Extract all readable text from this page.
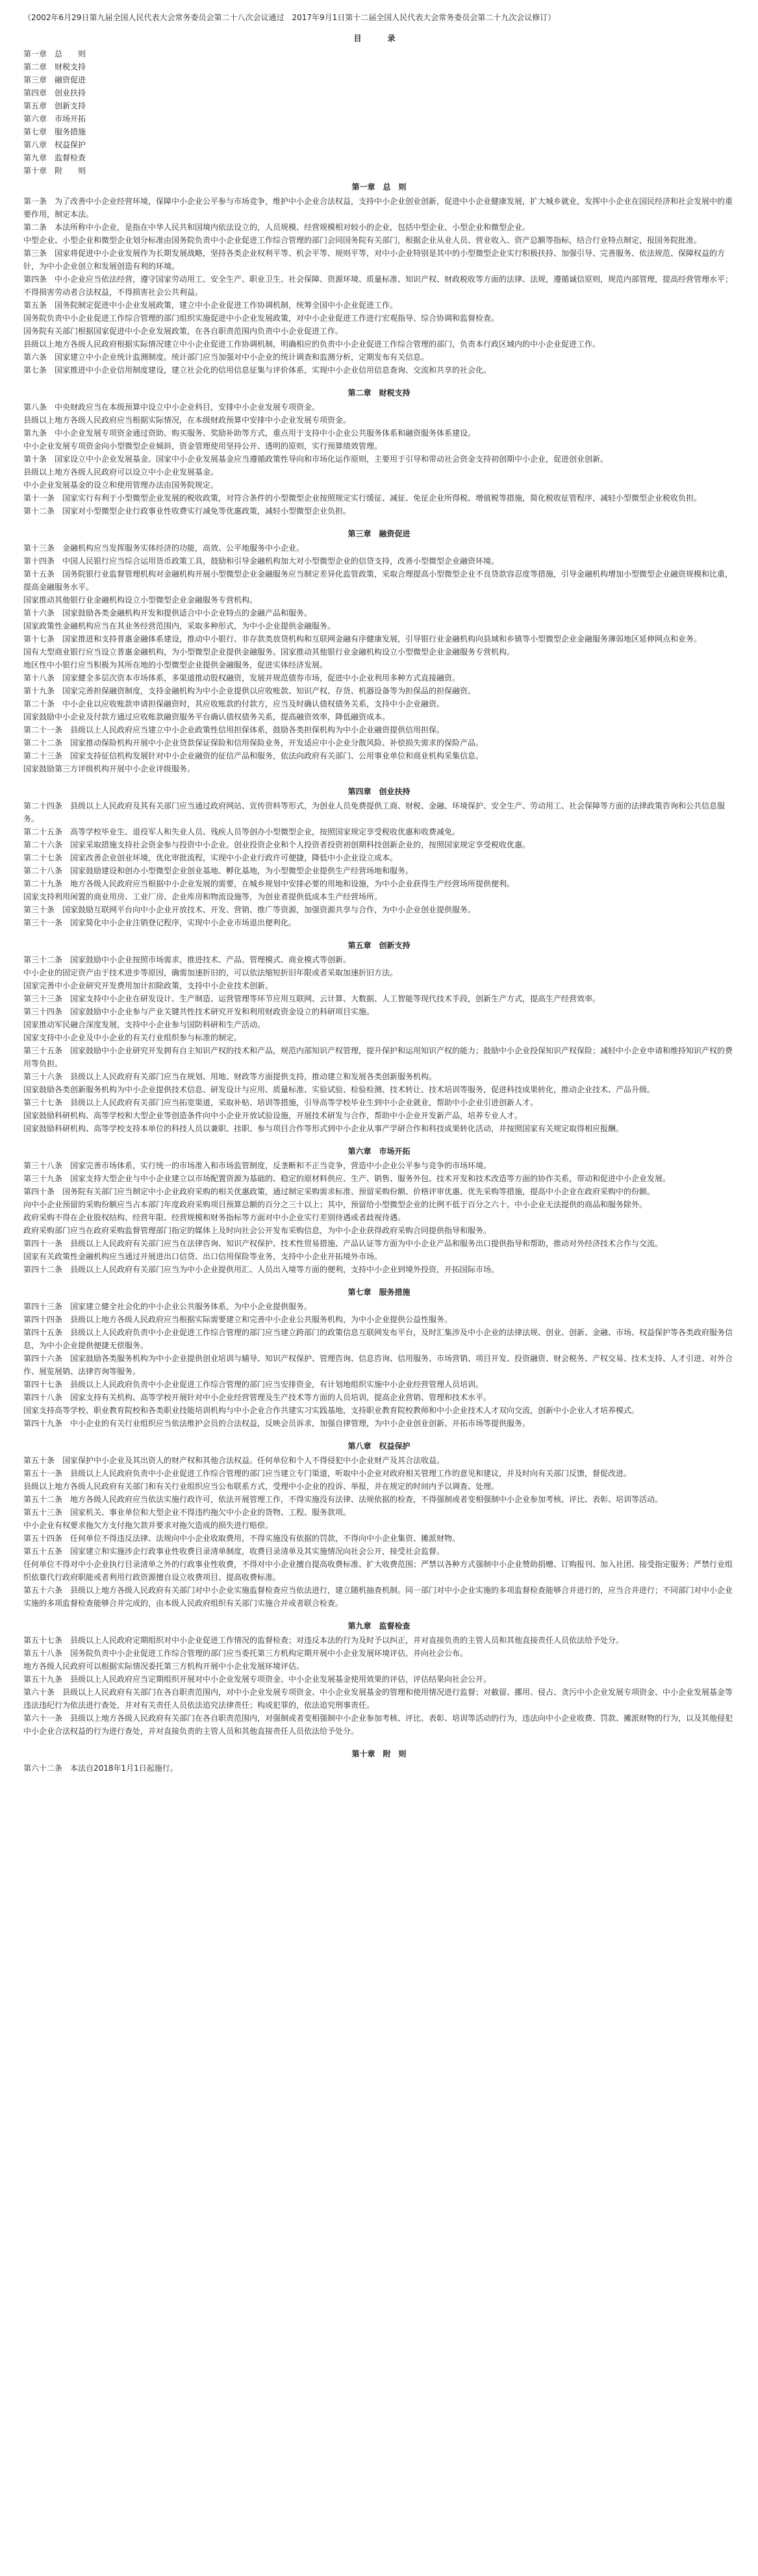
（2002年6月29日第九届全国人民代表大会常务委员会第二十八次会议通过　2017年9月1日第十二届全国人民代表大会常务委员会第二十九次会议修订）
目　录
第一章　总　　则
第二章　财税支持
第三章　融资促进
第四章　创业扶持
第五章　创新支持
第六章　市场开拓
第七章　服务措施
第八章　权益保护
第九章　监督检查
第十章　附　　则
第一章　总　则

第一条　为了改善中小企业经营环境，保障中小企业公平参与市场竞争，维护中小企业合法权益，支持中小企业创业创新，促进中小企业健康发展，扩大城乡就业，发挥中小企业在国民经济和社会发展中的重要作用，制定本法。

第二条　本法所称中小企业，是指在中华人民共和国境内依法设立的，人员规模、经营规模相对较小的企业，包括中型企业、小型企业和微型企业。

中型企业、小型企业和微型企业划分标准由国务院负责中小企业促进工作综合管理的部门会同国务院有关部门，根据企业从业人员、营业收入、资产总额等指标，结合行业特点制定，报国务院批准。

第三条　国家将促进中小企业发展作为长期发展战略，坚持各类企业权利平等、机会平等、规则平等，对中小企业特别是其中的小型微型企业实行积极扶持、加强引导、完善服务、依法规范、保障权益的方针，为中小企业创立和发展创造有利的环境。

第四条　中小企业应当依法经营，遵守国家劳动用工、安全生产、职业卫生、社会保障、资源环境、质量标准、知识产权、财政税收等方面的法律、法规，遵循诚信原则，规范内部管理，提高经营管理水平；不得损害劳动者合法权益，不得损害社会公共利益。

第五条　国务院制定促进中小企业发展政策，建立中小企业促进工作协调机制，统筹全国中小企业促进工作。

国务院负责中小企业促进工作综合管理的部门组织实施促进中小企业发展政策，对中小企业促进工作进行宏观指导、综合协调和监督检查。

国务院有关部门根据国家促进中小企业发展政策，在各自职责范围内负责中小企业促进工作。

县级以上地方各级人民政府根据实际情况建立中小企业促进工作协调机制，明确相应的负责中小企业促进工作综合管理的部门，负责本行政区域内的中小企业促进工作。

第六条　国家建立中小企业统计监测制度。统计部门应当加强对中小企业的统计调查和监测分析，定期发布有关信息。

第七条　国家推进中小企业信用制度建设，建立社会化的信用信息征集与评价体系，实现中小企业信用信息查询、交流和共享的社会化。

第二章　财税支持

第八条　中央财政应当在本级预算中设立中小企业科目，安排中小企业发展专项资金。

县级以上地方各级人民政府应当根据实际情况，在本级财政预算中安排中小企业发展专项资金。

第九条　中小企业发展专项资金通过资助、购买服务、奖励补助等方式，重点用于支持中小企业公共服务体系和融资服务体系建设。

中小企业发展专项资金向小型微型企业倾斜，资金管理使用坚持公开、透明的原则，实行预算绩效管理。

第十条　国家设立中小企业发展基金。国家中小企业发展基金应当遵循政策性导向和市场化运作原则，主要用于引导和带动社会资金支持初创期中小企业，促进创业创新。

县级以上地方各级人民政府可以设立中小企业发展基金。

中小企业发展基金的设立和使用管理办法由国务院规定。

第十一条　国家实行有利于小型微型企业发展的税收政策，对符合条件的小型微型企业按照规定实行缓征、减征、免征企业所得税、增值税等措施，简化税收征管程序，减轻小型微型企业税收负担。

第十二条　国家对小型微型企业行政事业性收费实行减免等优惠政策，减轻小型微型企业负担。

第三章　融资促进

第十三条　金融机构应当发挥服务实体经济的功能，高效、公平地服务中小企业。

第十四条　中国人民银行应当综合运用货币政策工具，鼓励和引导金融机构加大对小型微型企业的信贷支持，改善小型微型企业融资环境。

第十五条　国务院银行业监督管理机构对金融机构开展小型微型企业金融服务应当制定差异化监管政策，采取合理提高小型微型企业不良贷款容忍度等措施，引导金融机构增加小型微型企业融资规模和比重，提高金融服务水平。

国家推动其他银行业金融机构设立小型微型企业金融服务专营机构。

第十六条　国家鼓励各类金融机构开发和提供适合中小企业特点的金融产品和服务。

国家政策性金融机构应当在其业务经营范围内，采取多种形式，为中小企业提供金融服务。

第十七条　国家推进和支持普惠金融体系建设，推动中小银行、非存款类放贷机构和互联网金融有序健康发展，引导银行业金融机构向县域和乡镇等小型微型企业金融服务薄弱地区延伸网点和业务。

国有大型商业银行应当设立普惠金融机构，为小型微型企业提供金融服务。国家推动其他银行业金融机构设立小型微型企业金融服务专营机构。

地区性中小银行应当积极为其所在地的小型微型企业提供金融服务，促进实体经济发展。

第十八条　国家健全多层次资本市场体系，多渠道推动股权融资，发展并规范债券市场，促进中小企业利用多种方式直接融资。

第十九条　国家完善担保融资制度，支持金融机构为中小企业提供以应收账款、知识产权、存货、机器设备等为担保品的担保融资。

第二十条　中小企业以应收账款申请担保融资时，其应收账款的付款方，应当及时确认债权债务关系，支持中小企业融资。

国家鼓励中小企业及付款方通过应收账款融资服务平台确认债权债务关系，提高融资效率，降低融资成本。

第二十一条　县级以上人民政府应当建立中小企业政策性信用担保体系，鼓励各类担保机构为中小企业融资提供信用担保。

第二十二条　国家推动保险机构开展中小企业贷款保证保险和信用保险业务，开发适应中小企业分散风险、补偿损失需求的保险产品。

第二十三条　国家支持征信机构发展针对中小企业融资的征信产品和服务，依法向政府有关部门、公用事业单位和商业机构采集信息。

国家鼓励第三方评级机构开展中小企业评级服务。

第四章　创业扶持

第二十四条　县级以上人民政府及其有关部门应当通过政府网站、宣传资料等形式，为创业人员免费提供工商、财税、金融、环境保护、安全生产、劳动用工、社会保障等方面的法律政策咨询和公共信息服务。

第二十五条　高等学校毕业生、退役军人和失业人员、残疾人员等创办小型微型企业，按照国家规定享受税收优惠和收费减免。

第二十六条　国家采取措施支持社会资金参与投资中小企业。创业投资企业和个人投资者投资初创期科技创新企业的，按照国家规定享受税收优惠。

第二十七条　国家改善企业创业环境，优化审批流程，实现中小企业行政许可便捷，降低中小企业设立成本。

第二十八条　国家鼓励建设和创办小型微型企业创业基地、孵化基地，为小型微型企业提供生产经营场地和服务。

第二十九条　地方各级人民政府应当根据中小企业发展的需要，在城乡规划中安排必要的用地和设施，为中小企业获得生产经营场所提供便利。

国家支持利用闲置的商业用房、工业厂房、企业库房和物流设施等，为创业者提供低成本生产经营场所。

第三十条　国家鼓励互联网平台向中小企业开放技术、开发、营销、推广等资源，加强资源共享与合作，为中小企业创业提供服务。

第三十一条　国家简化中小企业注销登记程序，实现中小企业市场退出便利化。

第五章　创新支持

第三十二条　国家鼓励中小企业按照市场需求，推进技术、产品、管理模式、商业模式等创新。

中小企业的固定资产由于技术进步等原因，确需加速折旧的，可以依法缩短折旧年限或者采取加速折旧方法。

国家完善中小企业研究开发费用加计扣除政策，支持中小企业技术创新。

第三十三条　国家支持中小企业在研发设计、生产制造、运营管理等环节应用互联网、云计算、大数据、人工智能等现代技术手段，创新生产方式，提高生产经营效率。

第三十四条　国家鼓励中小企业参与产业关键共性技术研究开发和利用财政资金设立的科研项目实施。

国家推动军民融合深度发展，支持中小企业参与国防科研和生产活动。

国家支持中小企业及中小企业的有关行业组织参与标准的制定。

第三十五条　国家鼓励中小企业研究开发拥有自主知识产权的技术和产品，规范内部知识产权管理，提升保护和运用知识产权的能力；鼓励中小企业投保知识产权保险；减轻中小企业申请和维持知识产权的费用等负担。

第三十六条　县级以上人民政府有关部门应当在规划、用地、财政等方面提供支持，推动建立和发展各类创新服务机构。

国家鼓励各类创新服务机构为中小企业提供技术信息、研发设计与应用、质量标准、实验试验、检验检测、技术转让、技术培训等服务，促进科技成果转化，推动企业技术、产品升级。

第三十七条　县级以上人民政府有关部门应当拓宽渠道，采取补贴、培训等措施，引导高等学校毕业生到中小企业就业，帮助中小企业引进创新人才。

国家鼓励科研机构、高等学校和大型企业等创造条件向中小企业开放试验设施，开展技术研发与合作，帮助中小企业开发新产品，培养专业人才。

国家鼓励科研机构、高等学校支持本单位的科技人员以兼职、挂职、参与项目合作等形式到中小企业从事产学研合作和科技成果转化活动，并按照国家有关规定取得相应报酬。

第六章　市场开拓

第三十八条　国家完善市场体系，实行统一的市场准入和市场监管制度，反垄断和不正当竞争，营造中小企业公平参与竞争的市场环境。

第三十九条　国家支持大型企业与中小企业建立以市场配置资源为基础的、稳定的原材料供应、生产、销售、服务外包、技术开发和技术改造等方面的协作关系，带动和促进中小企业发展。

第四十条　国务院有关部门应当制定中小企业政府采购的相关优惠政策，通过制定采购需求标准、预留采购份额、价格评审优惠、优先采购等措施，提高中小企业在政府采购中的份额。

向中小企业预留的采购份额应当占本部门年度政府采购项目预算总额的百分之三十以上；其中，预留给小型微型企业的比例不低于百分之六十。中小企业无法提供的商品和服务除外。

政府采购不得在企业股权结构、经营年限、经营规模和财务指标等方面对中小企业实行差别待遇或者歧视待遇。

政府采购部门应当在政府采购监督管理部门指定的媒体上及时向社会公开发布采购信息，为中小企业获得政府采购合同提供指导和服务。

第四十一条　县级以上人民政府有关部门应当在法律咨询、知识产权保护、技术性贸易措施、产品认证等方面为中小企业产品和服务出口提供指导和帮助，推动对外经济技术合作与交流。

国家有关政策性金融机构应当通过开展进出口信贷、出口信用保险等业务，支持中小企业开拓境外市场。

第四十二条　县级以上人民政府有关部门应当为中小企业提供用汇、人员出入境等方面的便利，支持中小企业到境外投资，开拓国际市场。

第七章　服务措施

第四十三条　国家建立健全社会化的中小企业公共服务体系，为中小企业提供服务。

第四十四条　县级以上地方各级人民政府应当根据实际需要建立和完善中小企业公共服务机构，为中小企业提供公益性服务。

第四十五条　县级以上人民政府负责中小企业促进工作综合管理的部门应当建立跨部门的政策信息互联网发布平台，及时汇集涉及中小企业的法律法规、创业、创新、金融、市场、权益保护等各类政府服务信息，为中小企业提供便捷无偿服务。

第四十六条　国家鼓励各类服务机构为中小企业提供创业培训与辅导、知识产权保护、管理咨询、信息咨询、信用服务、市场营销、项目开发、投资融资、财会税务、产权交易、技术支持、人才引进、对外合作、展览展销、法律咨询等服务。

第四十七条　县级以上人民政府负责中小企业促进工作综合管理的部门应当安排资金，有计划地组织实施中小企业经营管理人员培训。

第四十八条　国家支持有关机构、高等学校开展针对中小企业经营管理及生产技术等方面的人员培训，提高企业营销、管理和技术水平。

国家支持高等学校、职业教育院校和各类职业技能培训机构与中小企业合作共建实习实践基地，支持职业教育院校教师和中小企业技术人才双向交流，创新中小企业人才培养模式。

第四十九条　中小企业的有关行业组织应当依法维护会员的合法权益，反映会员诉求，加强自律管理，为中小企业创业创新、开拓市场等提供服务。

第八章　权益保护

第五十条　国家保护中小企业及其出资人的财产权和其他合法权益。任何单位和个人不得侵犯中小企业财产及其合法收益。

第五十一条　县级以上人民政府负责中小企业促进工作综合管理的部门应当建立专门渠道，听取中小企业对政府相关管理工作的意见和建议，并及时向有关部门反馈，督促改进。

县级以上地方各级人民政府有关部门和有关行业组织应当公布联系方式，受理中小企业的投诉、举报，并在规定的时间内予以调查、处理。

第五十二条　地方各级人民政府应当依法实施行政许可，依法开展管理工作，不得实施没有法律、法规依据的检查，不得强制或者变相强制中小企业参加考核、评比、表彰、培训等活动。

第五十三条　国家机关、事业单位和大型企业不得违约拖欠中小企业的货物、工程、服务款项。

中小企业有权要求拖欠方支付拖欠款并要求对拖欠造成的损失进行赔偿。

第五十四条　任何单位不得违反法律、法规向中小企业收取费用，不得实施没有依据的罚款，不得向中小企业集资、摊派财物。

第五十五条　国家建立和实施涉企行政事业性收费目录清单制度，收费目录清单及其实施情况向社会公开，接受社会监督。

任何单位不得对中小企业执行目录清单之外的行政事业性收费，不得对中小企业擅自提高收费标准、扩大收费范围；严禁以各种方式强制中小企业赞助捐赠、订购报刊、加入社团、接受指定服务；严禁行业组织依靠代行政府职能或者利用行政资源擅自设立收费项目、提高收费标准。

第五十六条　县级以上地方各级人民政府有关部门对中小企业实施监督检查应当依法进行，建立随机抽查机制。同一部门对中小企业实施的多项监督检查能够合并进行的，应当合并进行；不同部门对中小企业实施的多项监督检查能够合并完成的，由本级人民政府组织有关部门实施合并或者联合检查。

第九章　监督检查

第五十七条　县级以上人民政府定期组织对中小企业促进工作情况的监督检查；对违反本法的行为及时予以纠正，并对直接负责的主管人员和其他直接责任人员依法给予处分。

第五十八条　国务院负责中小企业促进工作综合管理的部门应当委托第三方机构定期开展中小企业发展环境评估，并向社会公布。

地方各级人民政府可以根据实际情况委托第三方机构开展中小企业发展环境评估。

第五十九条　县级以上人民政府应当定期组织开展对中小企业发展专项资金、中小企业发展基金使用效果的评估，评估结果向社会公开。

第六十条　县级以上人民政府有关部门在各自职责范围内，对中小企业发展专项资金、中小企业发展基金的管理和使用情况进行监督；对截留、挪用、侵占、贪污中小企业发展专项资金、中小企业发展基金等违法违纪行为依法进行查处，并对有关责任人员依法追究法律责任；构成犯罪的，依法追究刑事责任。

第六十一条　县级以上地方各级人民政府有关部门在各自职责范围内，对强制或者变相强制中小企业参加考核、评比、表彰、培训等活动的行为，违法向中小企业收费、罚款、摊派财物的行为，以及其他侵犯中小企业合法权益的行为进行查处，并对直接负责的主管人员和其他直接责任人员依法给予处分。

第十章　附　则

第六十二条　本法自2018年1月1日起施行。
